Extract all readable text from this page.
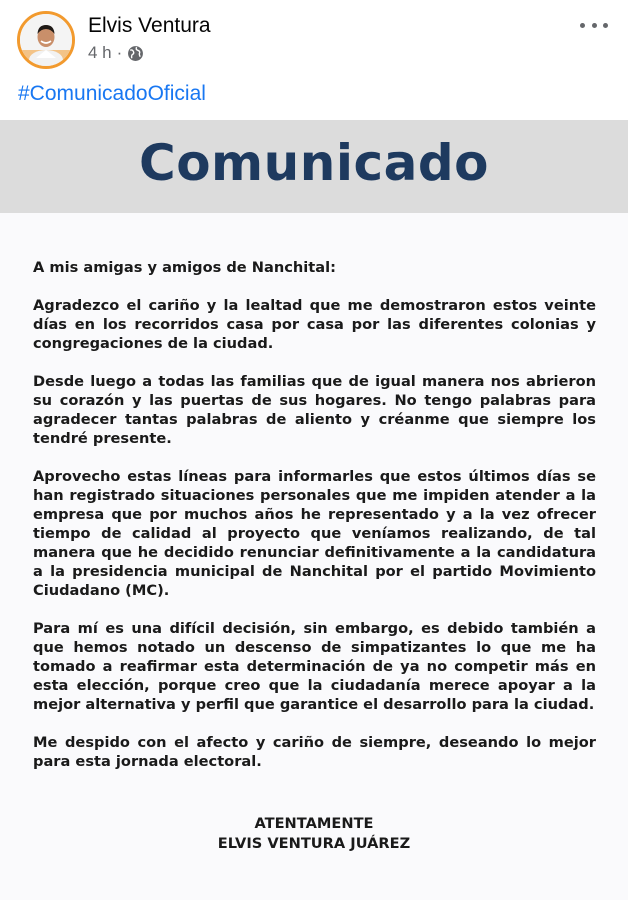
Elvis Ventura
4 h ·
#ComunicadoOficial
Comunicado

A mis amigas y amigos de Nanchital:

Agradezco el cariño y la lealtad que me demostraron estos veinte días en los recorridos casa por casa por las diferentes colonias y congregaciones de la ciudad.

Desde luego a todas las familias que de igual manera nos abrieron su corazón y las puertas de sus hogares. No tengo palabras para agradecer tantas palabras de aliento y créanme que siempre los tendré presente.

Aprovecho estas líneas para informarles que estos últimos días se han registrado situaciones personales que me impiden atender a la empresa que por muchos años he representado y a la vez ofrecer tiempo de calidad al proyecto que veníamos realizando, de tal manera que he decidido renunciar definitivamente a la candidatura a la presidencia municipal de Nanchital por el partido Movimiento Ciudadano (MC).

Para mí es una difícil decisión, sin embargo, es debido también a que hemos notado un descenso de simpatizantes lo que me ha tomado a reafirmar esta determinación de ya no competir más en esta elección, porque creo que la ciudadanía merece apoyar a la mejor alternativa y perfil que garantice el desarrollo para la ciudad.

Me despido con el afecto y cariño de siempre, deseando lo mejor para esta jornada electoral.

ATENTAMENTE
ELVIS VENTURA JUÁREZ
